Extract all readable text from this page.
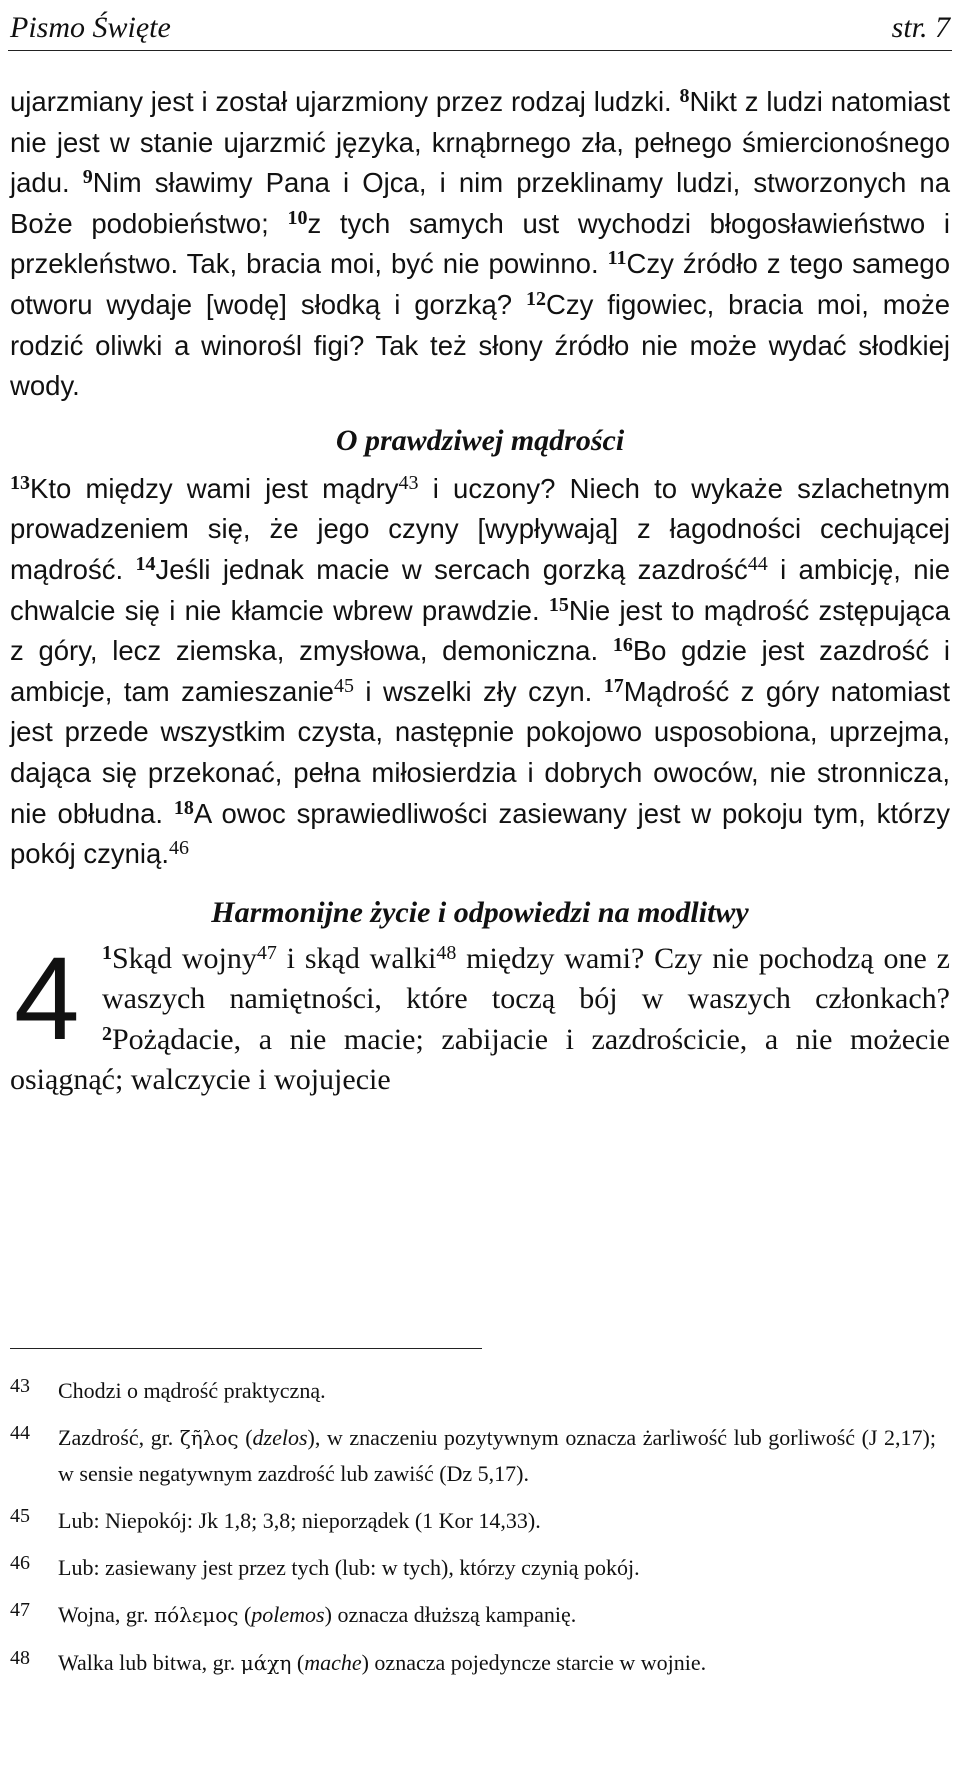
Pismo Święte	str. 7

ujarzmiany jest i został ujarzmiony przez rodzaj ludzki. $^8$Nikt z ludzi natomiast nie jest w stanie ujarzmić języka, krnąbrnego zła, pełnego śmiercionośnego jadu. $^9$Nim sławimy Pana i Ojca, i nim przeklinamy ludzi, stworzonych na Boże podobieństwo; $^{10}$z tych samych ust wychodzi błogosławieństwo i przekleństwo. Tak, bracia moi, być nie powinno. $^{11}$Czy źródło z tego samego otworu wydaje [wodę] słodką i gorzką? $^{12}$Czy figowiec, bracia moi, może rodzić oliwki a winorośl figi? Tak też słony źródło nie może wydać słodkiej wody.

O prawdziwej mądrości

$^{13}$Kto między wami jest mądry$^{43}$ i uczony? Niech to wykaże szlachetnym prowadzeniem się, że jego czyny [wypływają] z łagodności cechującej mądrość. $^{14}$Jeśli jednak macie w sercach gorzką zazdrość$^{44}$ i ambicję, nie chwalcie się i nie kłamcie wbrew prawdzie. $^{15}$Nie jest to mądrość zstępująca z góry, lecz ziemska, zmysłowa, demoniczna. $^{16}$Bo gdzie jest zazdrość i ambicje, tam zamieszanie$^{45}$ i wszelki zły czyn. $^{17}$Mądrość z góry natomiast jest przede wszystkim czysta, następnie pokojowo usposobiona, uprzejma, dająca się przekonać, pełna miłosierdzia i dobrych owoców, nie stronnicza, nie obłudna. $^{18}$A owoc sprawiedliwości zasiewany jest w pokoju tym, którzy pokój czynią.$^{46}$

Harmonijne życie i odpowiedzi na modlitwy
4	$^1$Skąd wojny$^{47}$ i skąd walki$^{48}$ między wami? Czy nie pochodzą one z waszych namiętności, które toczą bój w waszych członkach? $^2$Pożądacie, a nie macie; zabijacie i zazdrościcie, a nie możecie osiągnąć; walczycie i wojujecie

43 Chodzi o mądrość praktyczną.
44 Zazdrość, gr. ζῆλος (dzelos), w znaczeniu pozytywnym oznacza żarliwość lub gorliwość (J 2,17); w sensie negatywnym zazdrość lub zawiść (Dz 5,17).
45 Lub: Niepokój: Jk 1,8; 3,8; nieporządek (1 Kor 14,33).
46 Lub: zasiewany jest przez tych (lub: w tych), którzy czynią pokój.
47 Wojna, gr. πόλεμος (polemos) oznacza dłuższą kampanię.
48 Walka lub bitwa, gr. μάχη (mache) oznacza pojedyncze starcie w wojnie.
